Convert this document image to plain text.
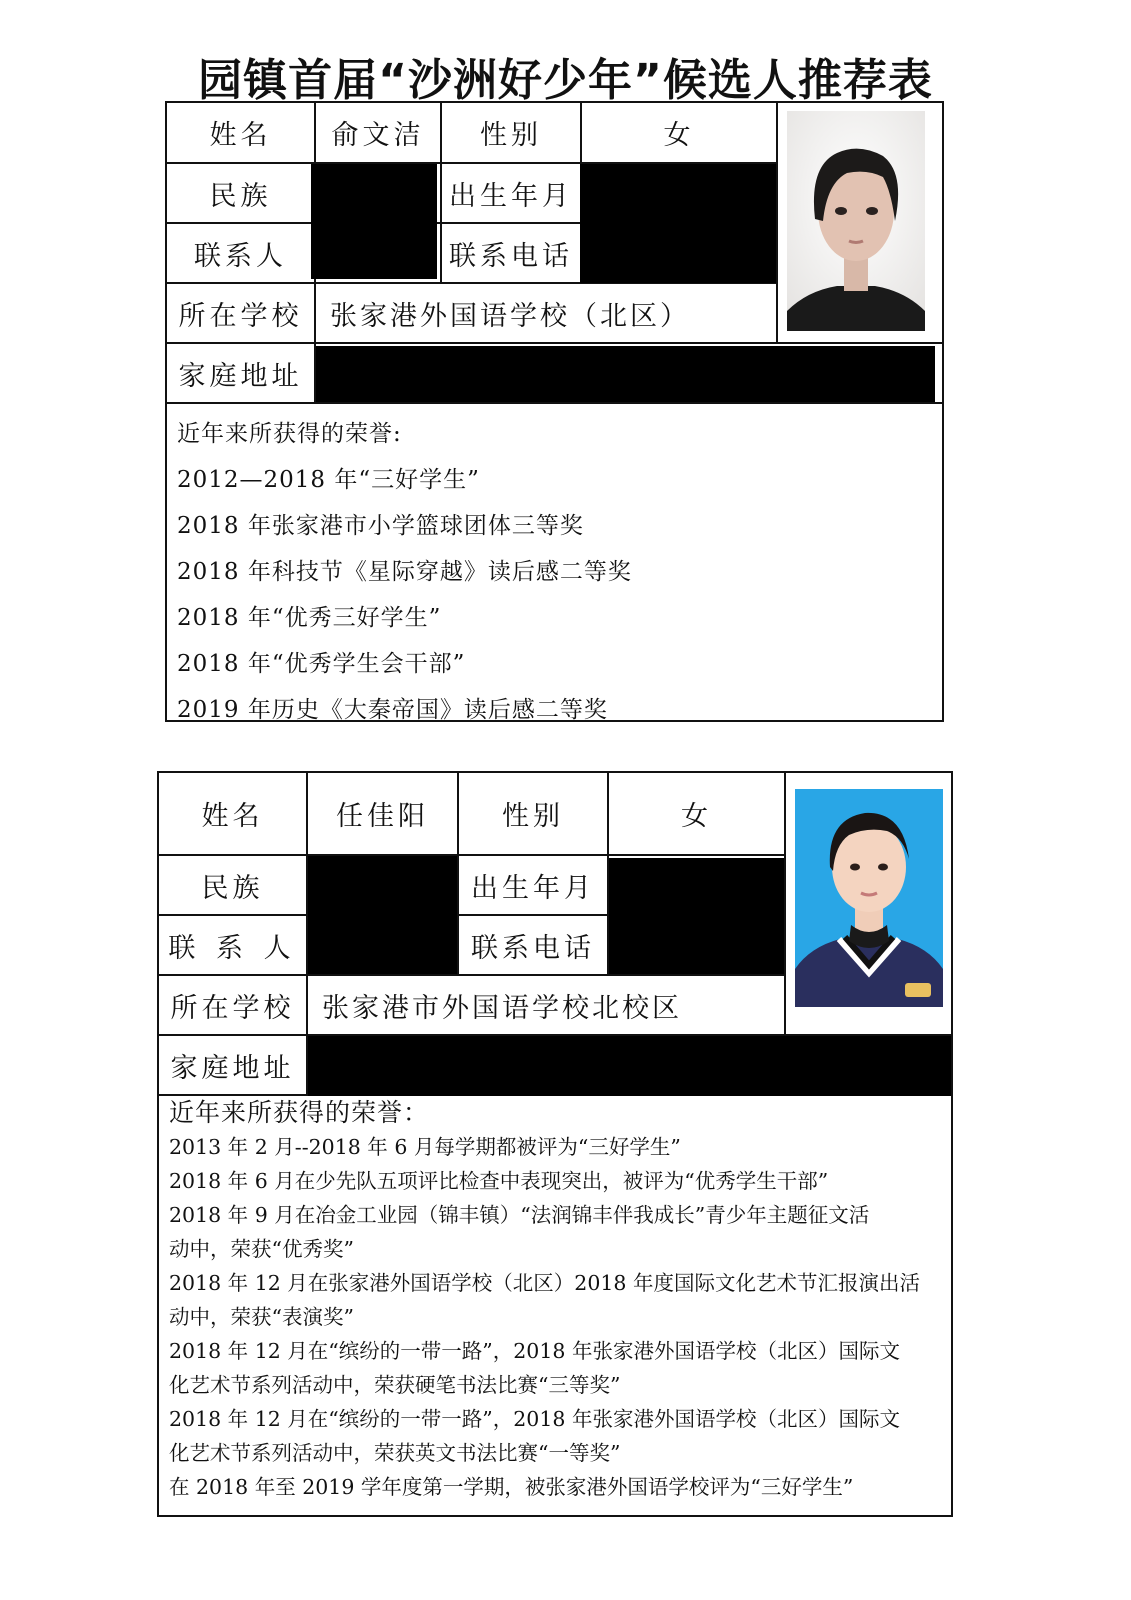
园镇首届“沙洲好少年”候选人推荐表
姓名	俞文洁	性别	女
民族	出生年月
联系人	联系电话
所在学校	张家港外国语学校（北区）
家庭地址

近年来所获得的荣誉:

2012—2018 年“三好学生”

2018 年张家港市小学篮球团体三等奖

2018 年科技节《星际穿越》读后感二等奖

2018 年“优秀三好学生”

2018 年“优秀学生会干部”

2019 年历史《大秦帝国》读后感二等奖

姓名	任佳阳	性别	女
民族	出生年月
联 系 人	联系电话
所在学校	张家港市外国语学校北校区
家庭地址

近年来所获得的荣誉：

2013 年 2 月--2018 年 6 月每学期都被评为“三好学生”

2018 年 6 月在少先队五项评比检查中表现突出，被评为“优秀学生干部”

2018 年 9 月在冶金工业园（锦丰镇）“法润锦丰伴我成长”青少年主题征文活

动中，荣获“优秀奖”

2018 年 12 月在张家港外国语学校（北区）2018 年度国际文化艺术节汇报演出活

动中，荣获“表演奖”

2018 年 12 月在“缤纷的一带一路”，2018 年张家港外国语学校（北区）国际文

化艺术节系列活动中，荣获硬笔书法比赛“三等奖”

2018 年 12 月在“缤纷的一带一路”，2018 年张家港外国语学校（北区）国际文

化艺术节系列活动中，荣获英文书法比赛“一等奖”

在 2018 年至 2019 学年度第一学期，被张家港外国语学校评为“三好学生”
